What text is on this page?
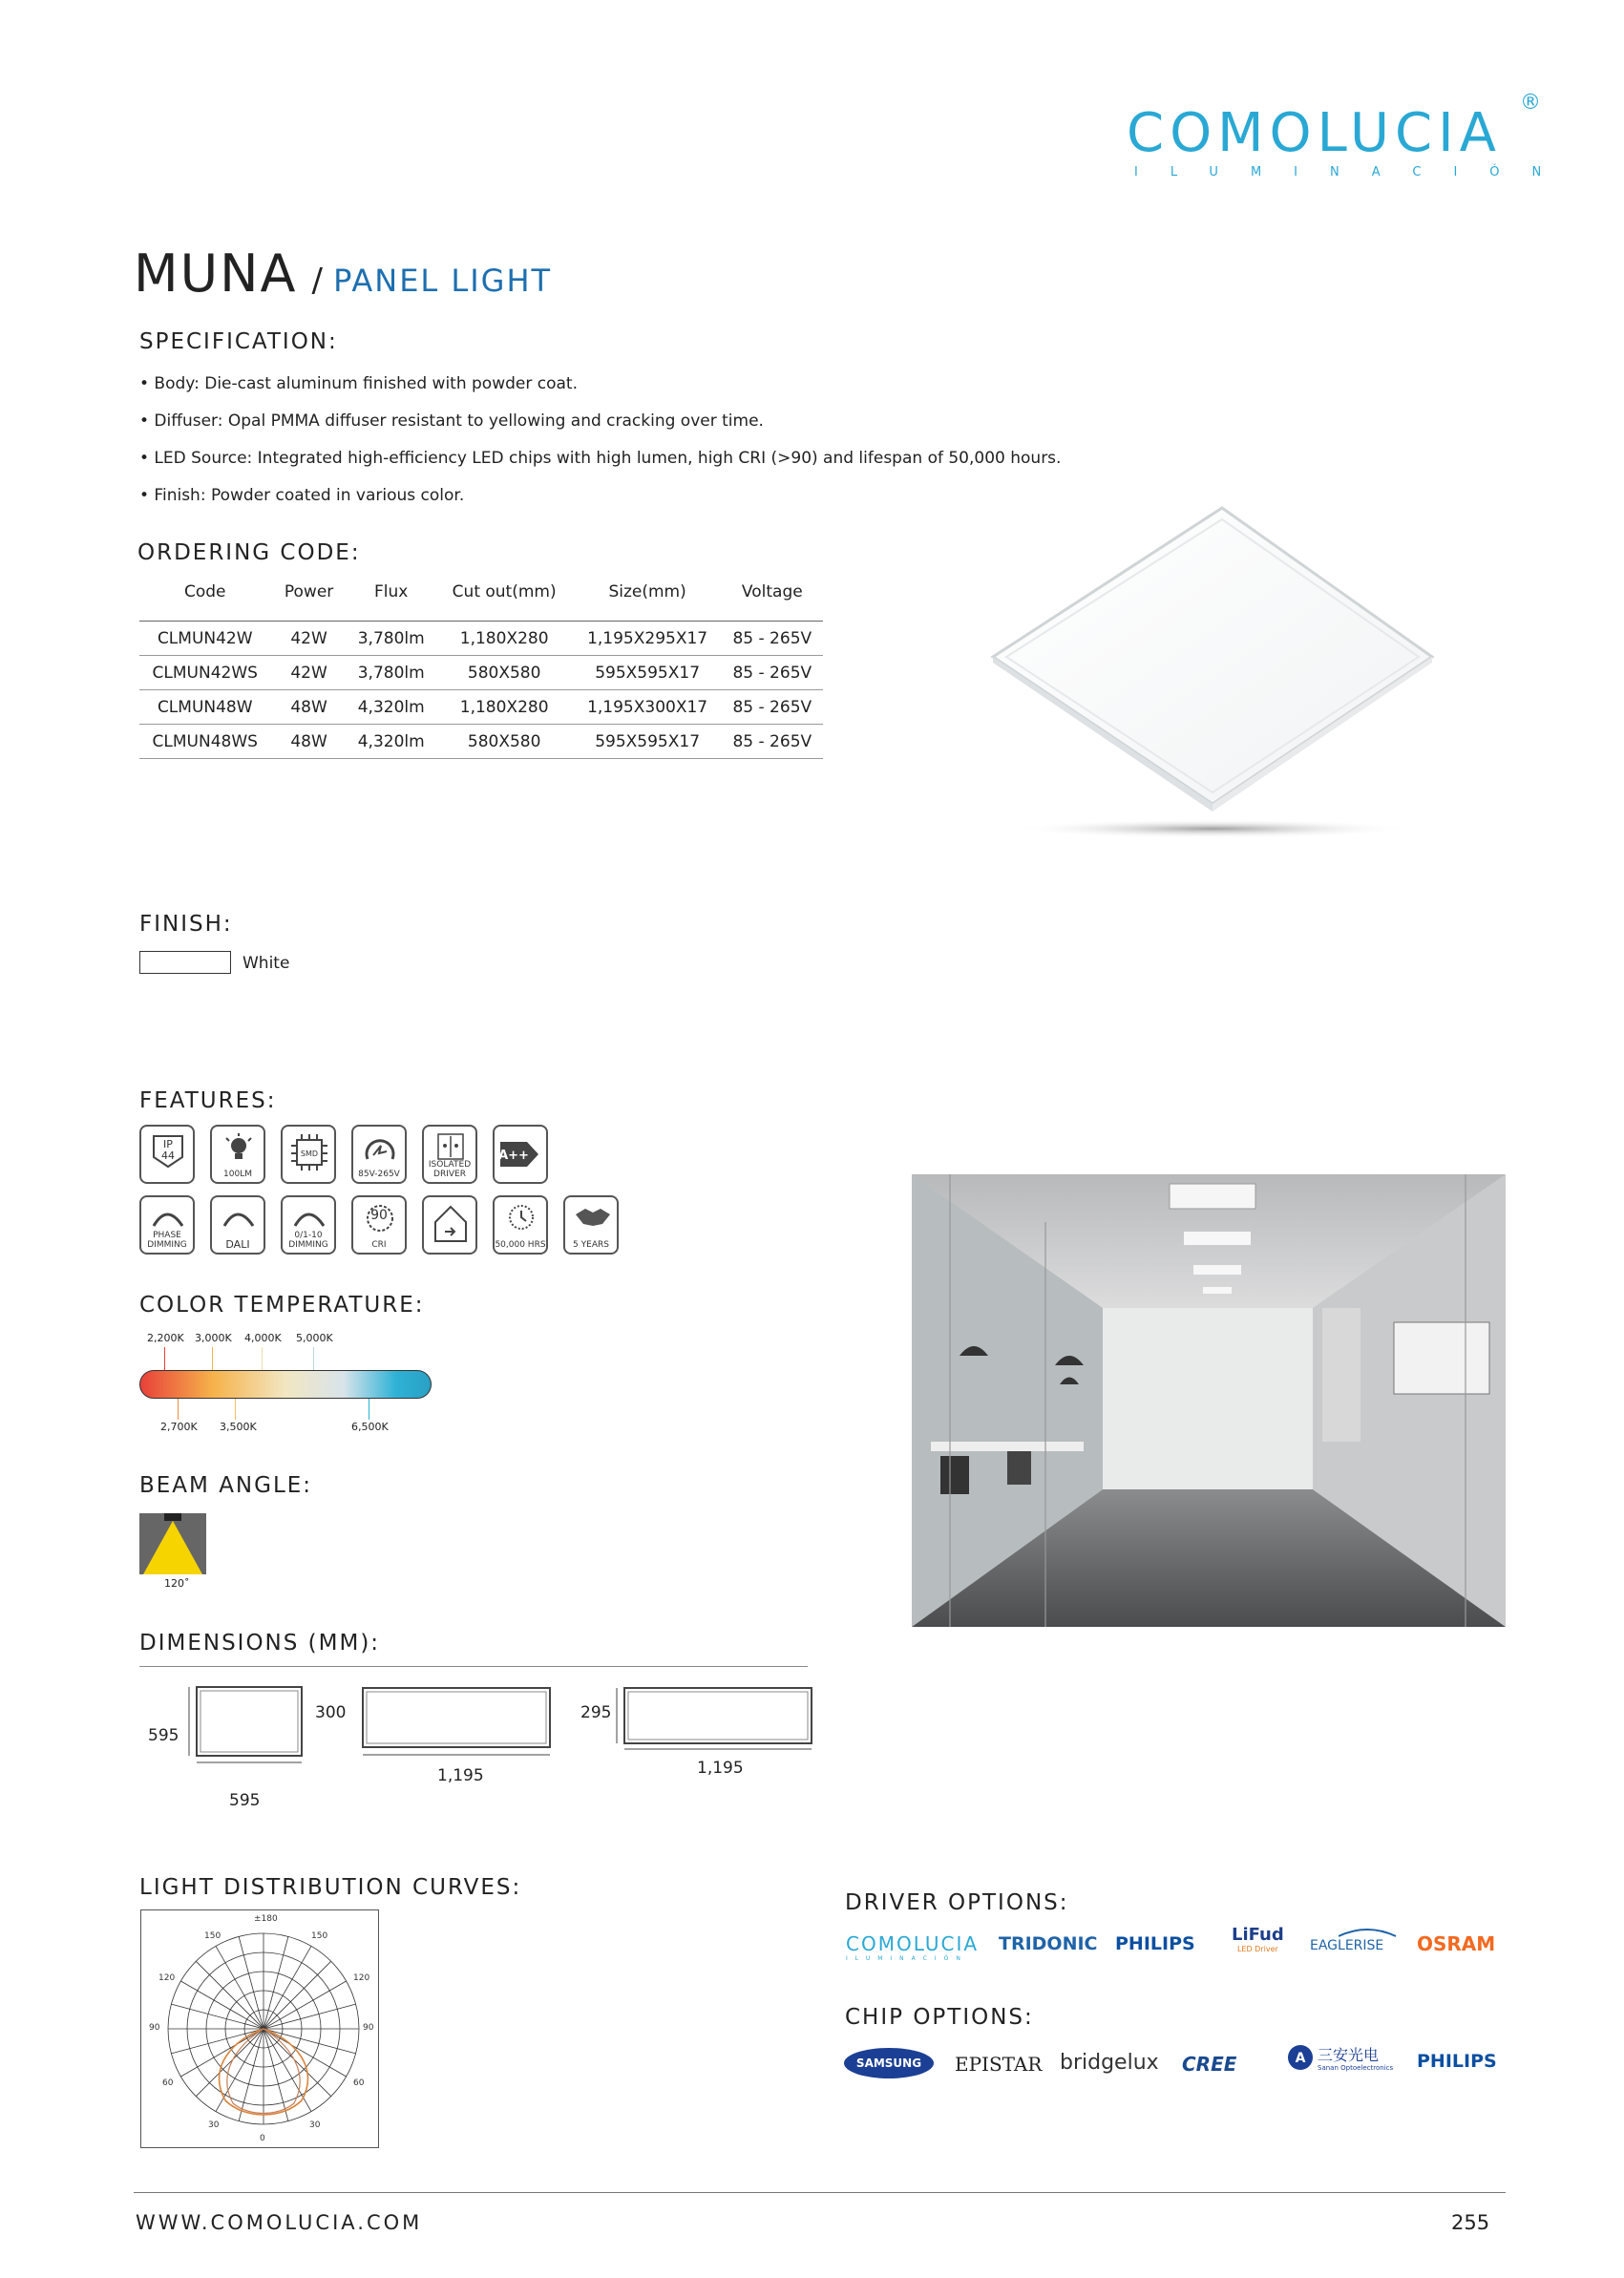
COMOLUCIA ®
ILUMINACIÓN
MUNA / PANEL LIGHT
SPECIFICATION:
• Body: Die-cast aluminum finished with powder coat.
• Diffuser: Opal PMMA diffuser resistant to yellowing and cracking over time.
• LED Source: Integrated high-efficiency LED chips with high lumen, high CRI (>90) and lifespan of 50,000 hours.
• Finish: Powder coated in various color.
ORDERING CODE:
Code	Power	Flux	Cut out(mm)	Size(mm)	Voltage
CLMUN42W	42W	3,780lm	1,180X280	1,195X295X17	85 - 265V
CLMUN42WS	42W	3,780lm	580X580	595X595X17	85 - 265V
CLMUN48W	48W	4,320lm	1,180X280	1,195X300X17	85 - 265V
CLMUN48WS	48W	4,320lm	580X580	595X595X17	85 - 265V
FINISH:
White
FEATURES:
IP
44
100LM
SMD
85V-265V
ISOLATED DRIVER
A++
PHASE DIMMING	DALI
0/1-10 DIMMING
90
CRI	50,000 HRS	5 YEARS
COLOR TEMPERATURE:
2,200K 3,000K 4,000K 5,000K
2,700K 3,500K	6,500K
BEAM ANGLE:
120˚
DIMENSIONS (MM):
595
595
300
1,195
295
1,195
LIGHT DISTRIBUTION CURVES:
±180
150	150
120	120
90	90
60	60
30	30
0
DRIVER OPTIONS:
COMOLUCIA
ILUMINACIÓN
TRIDONIC PHILIPS LiFud
LED Driver	EAGLERISE	OSRAM
CHIP OPTIONS:
SAMSUNG	EPISTAR bridgelux CREE	A 三安光电
Sanan Optoelectronics PHILIPS
WWW.COMOLUCIA.COM	255
